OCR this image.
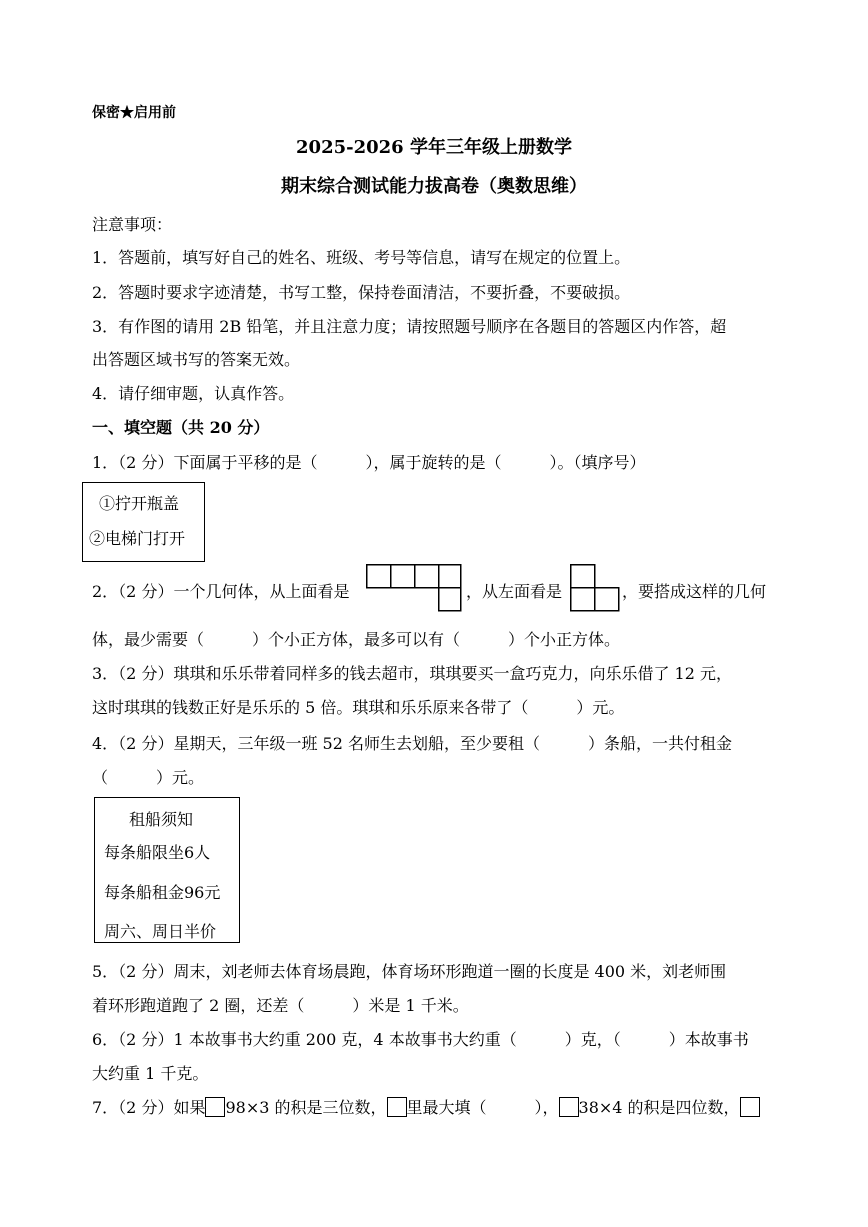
保密★启用前
2025-2026 学年三年级上册数学
期末综合测试能力拔高卷（奥数思维）
注意事项：
1．答题前，填写好自己的姓名、班级、考号等信息，请写在规定的位置上。
2．答题时要求字迹清楚，书写工整，保持卷面清洁，不要折叠，不要破损。
3．有作图的请用 2B 铅笔，并且注意力度；请按照题号顺序在各题目的答题区内作答，超
出答题区域书写的答案无效。
4．请仔细审题，认真作答。
一、填空题（共 20 分）
1．（2 分）下面属于平移的是（　　　），属于旋转的是（　　　）。（填序号）
①拧开瓶盖
②电梯门打开
2．（2 分）一个几何体，从上面看是	，从左面看是	，要搭成这样的几何
体，最少需要（　　　）个小正方体，最多可以有（　　　）个小正方体。
3．（2 分）琪琪和乐乐带着同样多的钱去超市，琪琪要买一盒巧克力，向乐乐借了 12 元，
这时琪琪的钱数正好是乐乐的 5 倍。琪琪和乐乐原来各带了（　　　）元。
4．（2 分）星期天，三年级一班 52 名师生去划船，至少要租（　　　）条船，一共付租金
（　　　）元。
租船须知
每条船限坐6人
每条船租金96元
周六、周日半价
5．（2 分）周末，刘老师去体育场晨跑，体育场环形跑道一圈的长度是 400 米，刘老师围
着环形跑道跑了 2 圈，还差（　　　）米是 1 千米。
6．（2 分）1 本故事书大约重 200 克，4 本故事书大约重（　　　）克，（　　　）本故事书
大约重 1 千克。
7．（2 分）如果 98×3 的积是三位数， 里最大填（　　　）， 38×4 的积是四位数，
